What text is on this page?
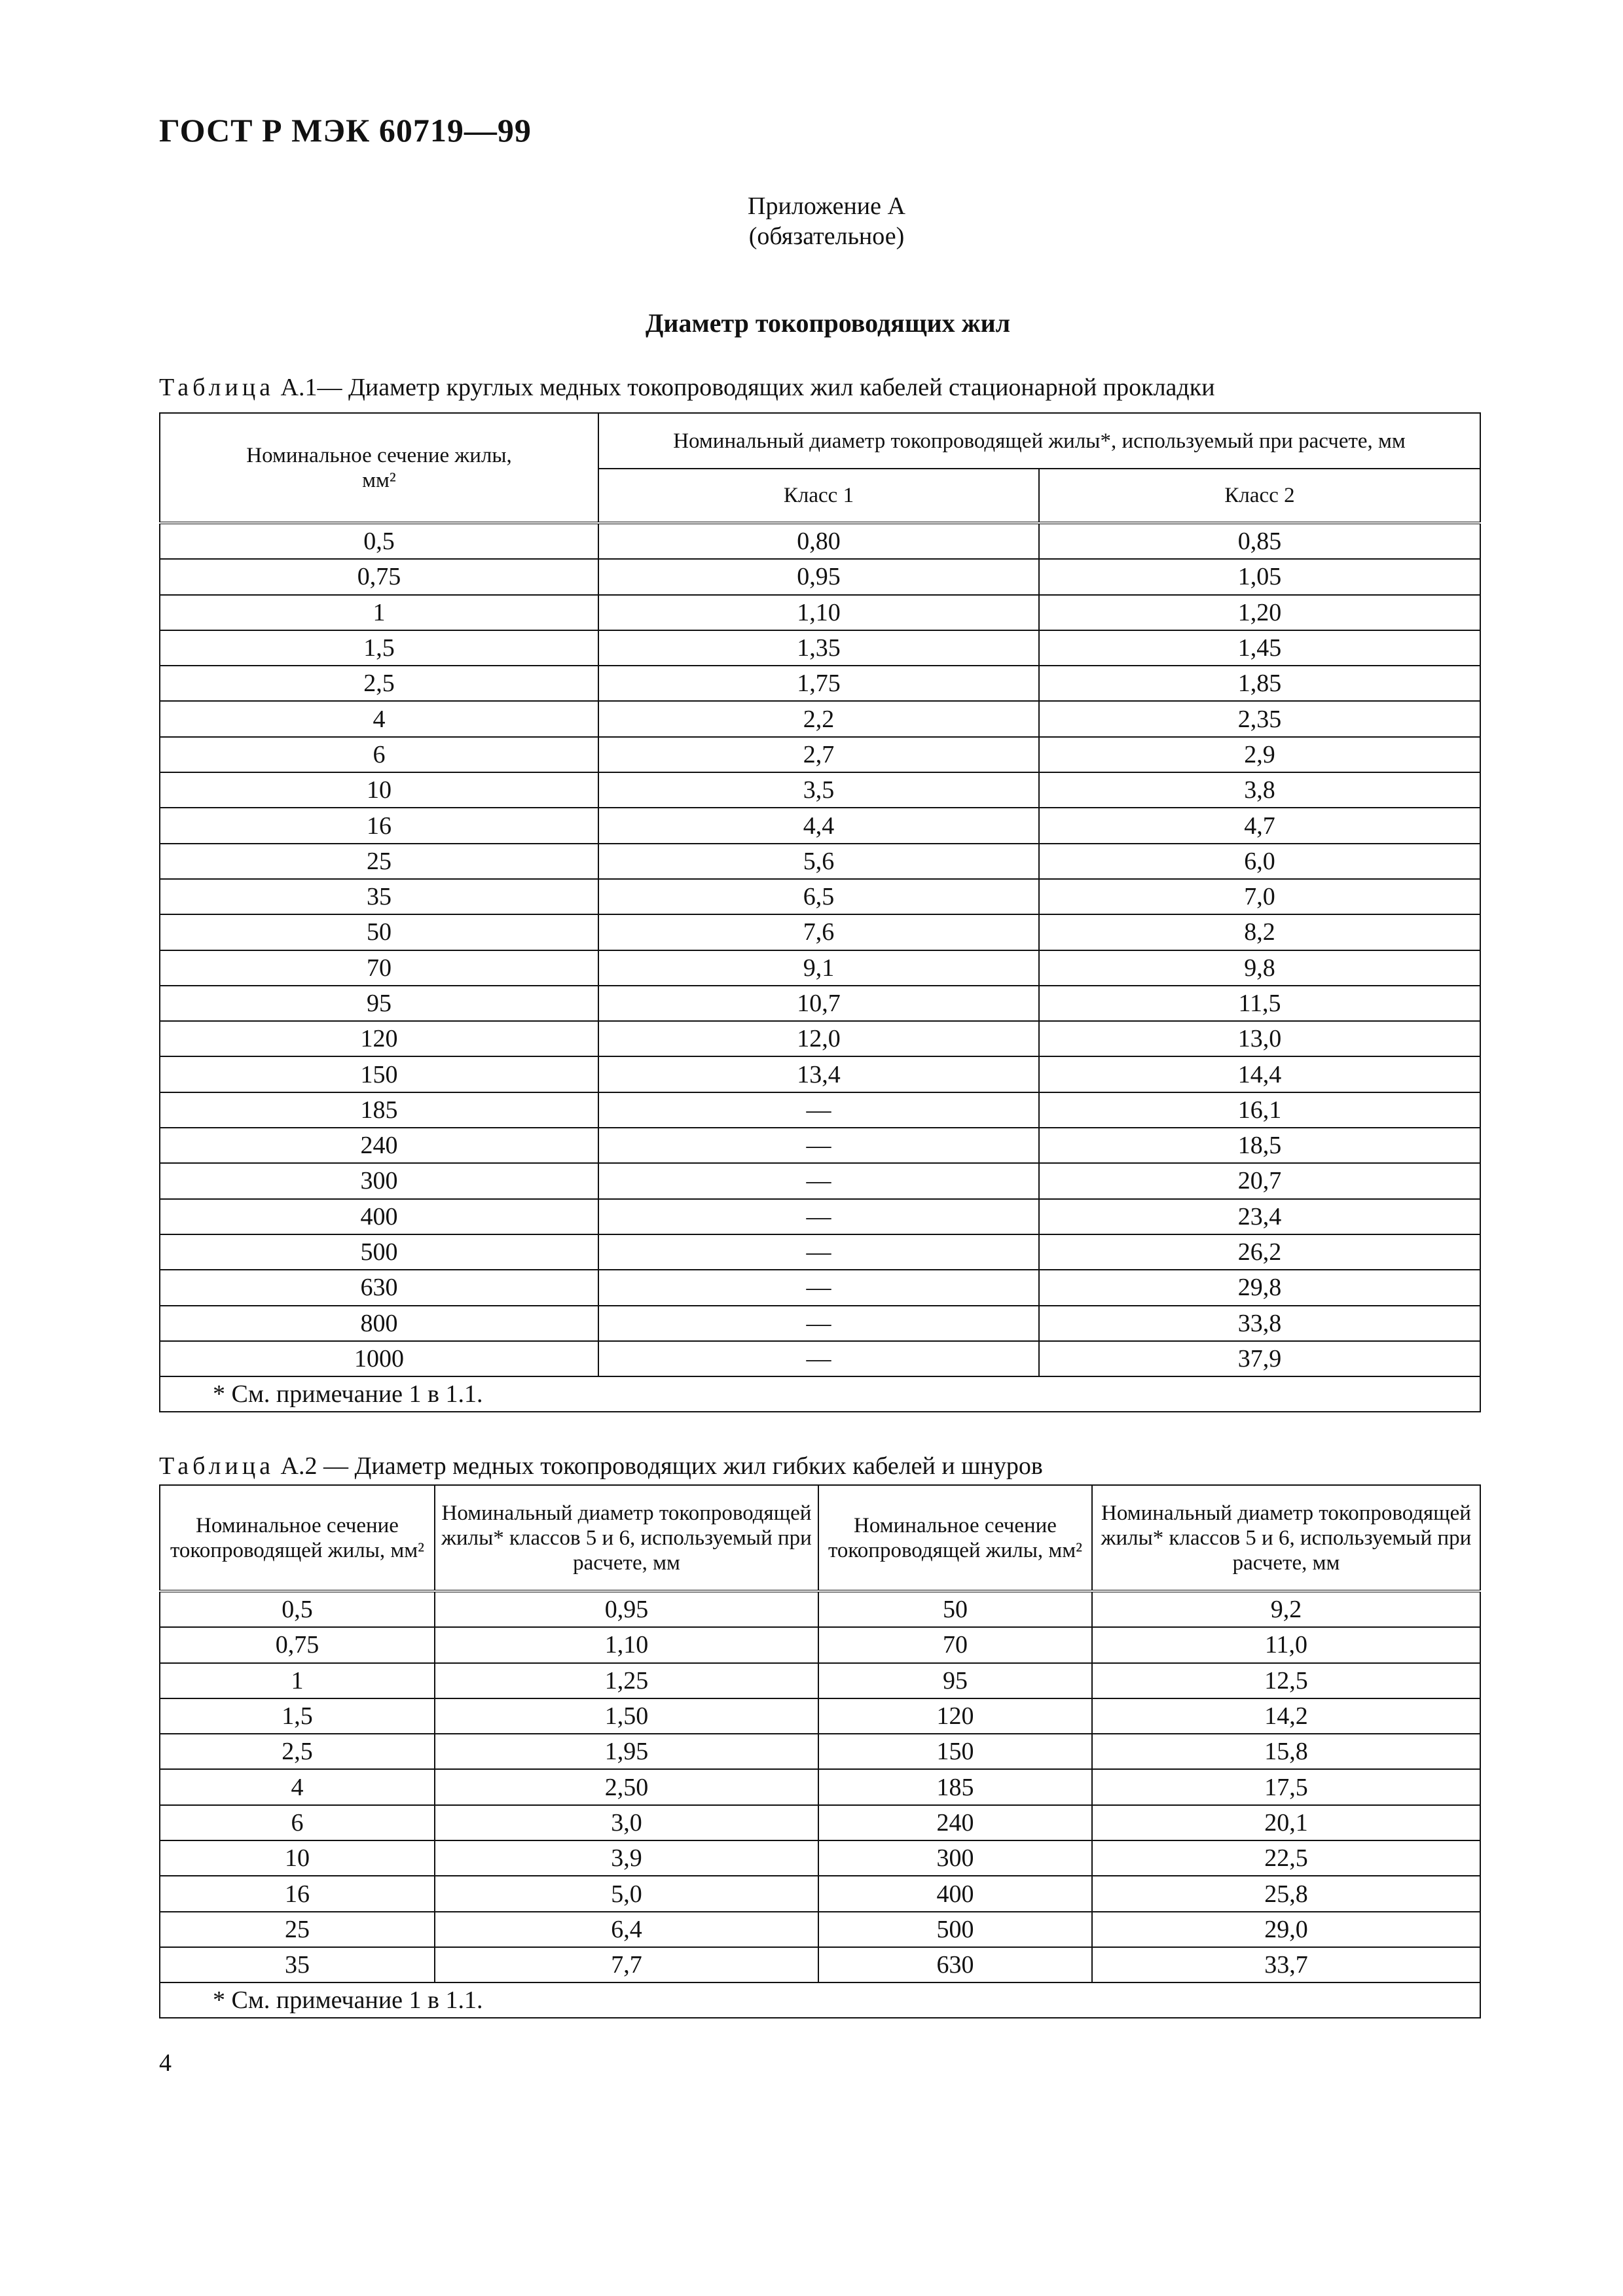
ГОСТ Р МЭК 60719—99
Приложение А
(обязательное)
Диаметр токопроводящих жил
Таблица А.1— Диаметр круглых медных токопроводящих жил кабелей стационарной прокладки
Номинальное сечение жилы, мм²	Номинальный диаметр токопроводящей жилы*, используемый при расчете, мм	
	Класс 1	Класс 2
0,5	0,80	0,85
0,75	0,95	1,05
1	1,10	1,20
1,5	1,35	1,45
2,5	1,75	1,85
4	2,2	2,35
6	2,7	2,9
10	3,5	3,8
16	4,4	4,7
25	5,6	6,0
35	6,5	7,0
50	7,6	8,2
70	9,1	9,8
95	10,7	11,5
120	12,0	13,0
150	13,4	14,4
185	—	16,1
240	—	18,5
300	—	20,7
400	—	23,4
500	—	26,2
630	—	29,8
800	—	33,8
1000	—	37,9
* См. примечание 1 в 1.1.		
Таблица А.2 — Диаметр медных токопроводящих жил гибких кабелей и шнуров
Номинальное сечение токопроводящей жилы, мм²	Номинальный диаметр токопроводящей жилы* классов 5 и 6, используемый при расчете, мм	Номинальное сечение токопроводящей жилы, мм²	Номинальный диаметр токопроводящей жилы* классов 5 и 6, используемый при расчете, мм
0,5	0,95	50	9,2
0,75	1,10	70	11,0
1	1,25	95	12,5
1,5	1,50	120	14,2
2,5	1,95	150	15,8
4	2,50	185	17,5
6	3,0	240	20,1
10	3,9	300	22,5
16	5,0	400	25,8
25	6,4	500	29,0
35	7,7	630	33,7
* См. примечание 1 в 1.1.			
4
